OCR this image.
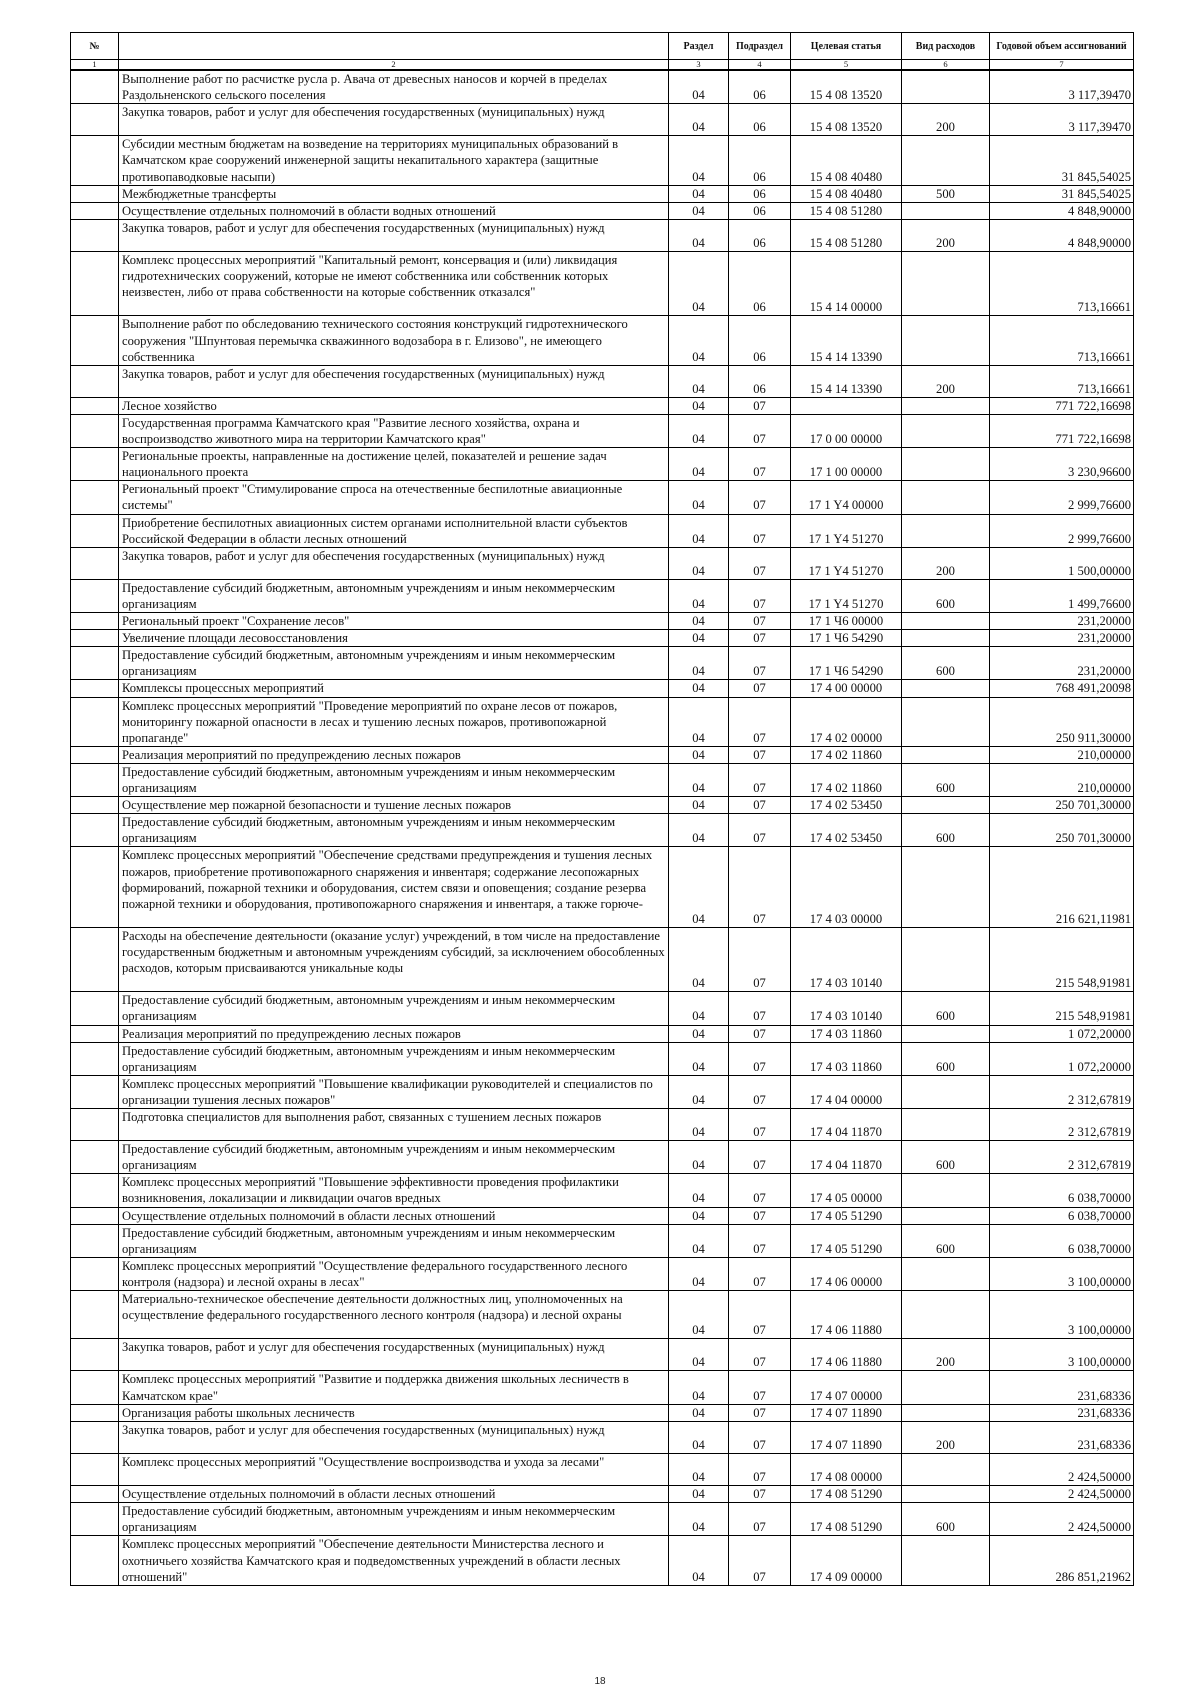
№		Раздел	Подраздел	Целевая статья	Вид расходов	Годовой объем ассигнований
1	2	3	4	5	6	7
	Выполнение работ по расчистке русла р. Авача от древесных наносов и корчей в пределах Раздольненского сельского поселения	04	06	15 4 08 13520		3 117,39470
	Закупка товаров, работ и услуг для обеспечения государственных (муниципальных) нужд	04	06	15 4 08 13520	200	3 117,39470
	Субсидии местным бюджетам на возведение на территориях муниципальных образований в Камчатском крае сооружений инженерной защиты некапитального характера (защитные противопаводковые насыпи)	04	06	15 4 08 40480		31 845,54025
	Межбюджетные трансферты	04	06	15 4 08 40480	500	31 845,54025
	Осуществление отдельных полномочий в области водных отношений	04	06	15 4 08 51280		4 848,90000
	Закупка товаров, работ и услуг для обеспечения государственных (муниципальных) нужд	04	06	15 4 08 51280	200	4 848,90000
	Комплекс процессных мероприятий "Капитальный ремонт, консервация и (или) ликвидация гидротехнических сооружений, которые не имеют собственника или собственник которых неизвестен, либо от права собственности на которые собственник отказался"	04	06	15 4 14 00000		713,16661
	Выполнение работ по обследованию технического состояния конструкций гидротехнического сооружения "Шпунтовая перемычка скважинного водозабора в г. Елизово", не имеющего собственника	04	06	15 4 14 13390		713,16661
	Закупка товаров, работ и услуг для обеспечения государственных (муниципальных) нужд	04	06	15 4 14 13390	200	713,16661
	Лесное хозяйство	04	07			771 722,16698
	Государственная программа Камчатского края "Развитие лесного хозяйства, охрана и воспроизводство животного мира на территории Камчатского края"	04	07	17 0 00 00000		771 722,16698
	Региональные проекты, направленные на достижение целей, показателей и решение задач национального проекта	04	07	17 1 00 00000		3 230,96600
	Региональный проект "Стимулирование спроса на отечественные беспилотные авиационные системы"	04	07	17 1 Y4 00000		2 999,76600
	Приобретение беспилотных авиационных систем органами исполнительной власти субъектов Российской Федерации в области лесных отношений	04	07	17 1 Y4 51270		2 999,76600
	Закупка товаров, работ и услуг для обеспечения государственных (муниципальных) нужд	04	07	17 1 Y4 51270	200	1 500,00000
	Предоставление субсидий бюджетным, автономным учреждениям и иным некоммерческим организациям	04	07	17 1 Y4 51270	600	1 499,76600
	Региональный проект "Сохранение лесов"	04	07	17 1 Ч6 00000		231,20000
	Увеличение площади лесовосстановления	04	07	17 1 Ч6 54290		231,20000
	Предоставление субсидий бюджетным, автономным учреждениям и иным некоммерческим организациям	04	07	17 1 Ч6 54290	600	231,20000
	Комплексы процессных мероприятий	04	07	17 4 00 00000		768 491,20098
	Комплекс процессных мероприятий "Проведение мероприятий по охране лесов от пожаров, мониторингу пожарной опасности в лесах и тушению лесных пожаров, противопожарной пропаганде"	04	07	17 4 02 00000		250 911,30000
	Реализация мероприятий по предупреждению лесных пожаров	04	07	17 4 02 11860		210,00000
	Предоставление субсидий бюджетным, автономным учреждениям и иным некоммерческим организациям	04	07	17 4 02 11860	600	210,00000
	Осуществление мер пожарной безопасности и тушение лесных пожаров	04	07	17 4 02 53450		250 701,30000
	Предоставление субсидий бюджетным, автономным учреждениям и иным некоммерческим организациям	04	07	17 4 02 53450	600	250 701,30000
	Комплекс процессных мероприятий "Обеспечение средствами предупреждения и тушения лесных пожаров, приобретение противопожарного снаряжения и инвентаря; содержание лесопожарных формирований, пожарной техники и оборудования, систем связи и оповещения; создание резерва пожарной техники и оборудования, противопожарного снаряжения и инвентаря, а также горюче-	04	07	17 4 03 00000		216 621,11981
	Расходы на обеспечение деятельности (оказание услуг) учреждений, в том числе на предоставление государственным бюджетным и автономным учреждениям субсидий, за исключением обособленных расходов, которым присваиваются уникальные коды	04	07	17 4 03 10140		215 548,91981
	Предоставление субсидий бюджетным, автономным учреждениям и иным некоммерческим организациям	04	07	17 4 03 10140	600	215 548,91981
	Реализация мероприятий по предупреждению лесных пожаров	04	07	17 4 03 11860		1 072,20000
	Предоставление субсидий бюджетным, автономным учреждениям и иным некоммерческим организациям	04	07	17 4 03 11860	600	1 072,20000
	Комплекс процессных мероприятий "Повышение квалификации руководителей и специалистов по организации тушения лесных пожаров"	04	07	17 4 04 00000		2 312,67819
	Подготовка специалистов для выполнения работ, связанных с тушением лесных пожаров	04	07	17 4 04 11870		2 312,67819
	Предоставление субсидий бюджетным, автономным учреждениям и иным некоммерческим организациям	04	07	17 4 04 11870	600	2 312,67819
	Комплекс процессных мероприятий "Повышение эффективности проведения профилактики возникновения, локализации и ликвидации очагов вредных	04	07	17 4 05 00000		6 038,70000
	Осуществление отдельных полномочий в области лесных отношений	04	07	17 4 05 51290		6 038,70000
	Предоставление субсидий бюджетным, автономным учреждениям и иным некоммерческим организациям	04	07	17 4 05 51290	600	6 038,70000
	Комплекс процессных мероприятий "Осуществление федерального государственного лесного контроля (надзора) и лесной охраны в лесах"	04	07	17 4 06 00000		3 100,00000
	Материально-техническое обеспечение деятельности должностных лиц, уполномоченных на осуществление федерального государственного лесного контроля (надзора) и лесной охраны	04	07	17 4 06 11880		3 100,00000
	Закупка товаров, работ и услуг для обеспечения государственных (муниципальных) нужд	04	07	17 4 06 11880	200	3 100,00000
	Комплекс процессных мероприятий "Развитие и поддержка движения школьных лесничеств в Камчатском крае"	04	07	17 4 07 00000		231,68336
	Организация работы школьных лесничеств	04	07	17 4 07 11890		231,68336
	Закупка товаров, работ и услуг для обеспечения государственных (муниципальных) нужд	04	07	17 4 07 11890	200	231,68336
	Комплекс процессных мероприятий "Осуществление воспроизводства и ухода за лесами"	04	07	17 4 08 00000		2 424,50000
	Осуществление отдельных полномочий в области лесных отношений	04	07	17 4 08 51290		2 424,50000
	Предоставление субсидий бюджетным, автономным учреждениям и иным некоммерческим организациям	04	07	17 4 08 51290	600	2 424,50000
	Комплекс процессных мероприятий "Обеспечение деятельности Министерства лесного и охотничьего хозяйства Камчатского края и подведомственных учреждений в области лесных отношений"	04	07	17 4 09 00000		286 851,21962
18
